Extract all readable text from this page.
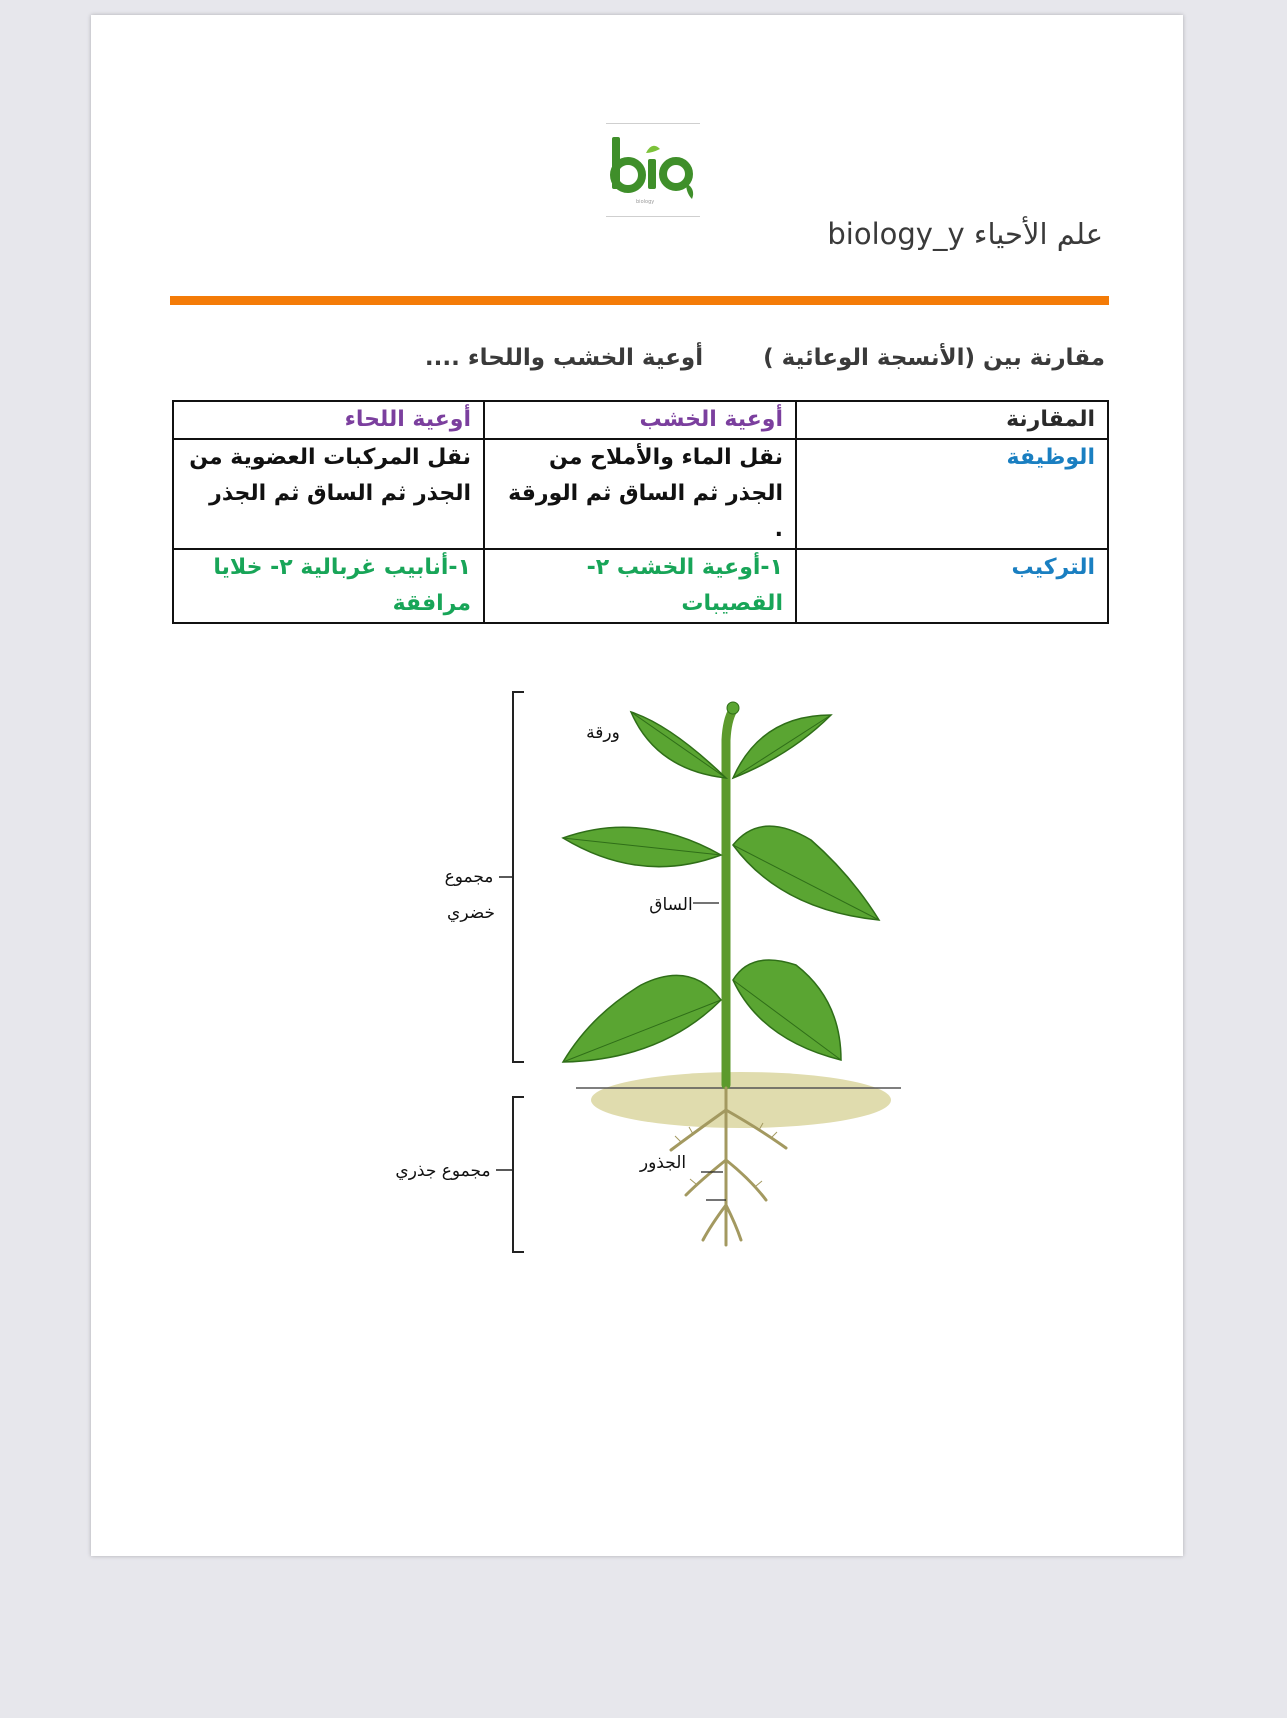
biology
علم الأحياء biology_y
مقارنة بين (الأنسجة الوعائية )أوعية الخشب واللحاء ....
المقارنة	أوعية الخشب	أوعية اللحاء
الوظيفة	نقل الماء والأملاح من الجذر ثم الساق ثم الورقة .	نقل المركبات العضوية من الجذر ثم الساق ثم الجذر
التركيب	١-أوعية الخشب ٢- القصيبات	١-أنابيب غربالية ٢- خلايا مرافقة
ورقة
الساق
مجموع
خضري
الجذور
مجموع جذري
